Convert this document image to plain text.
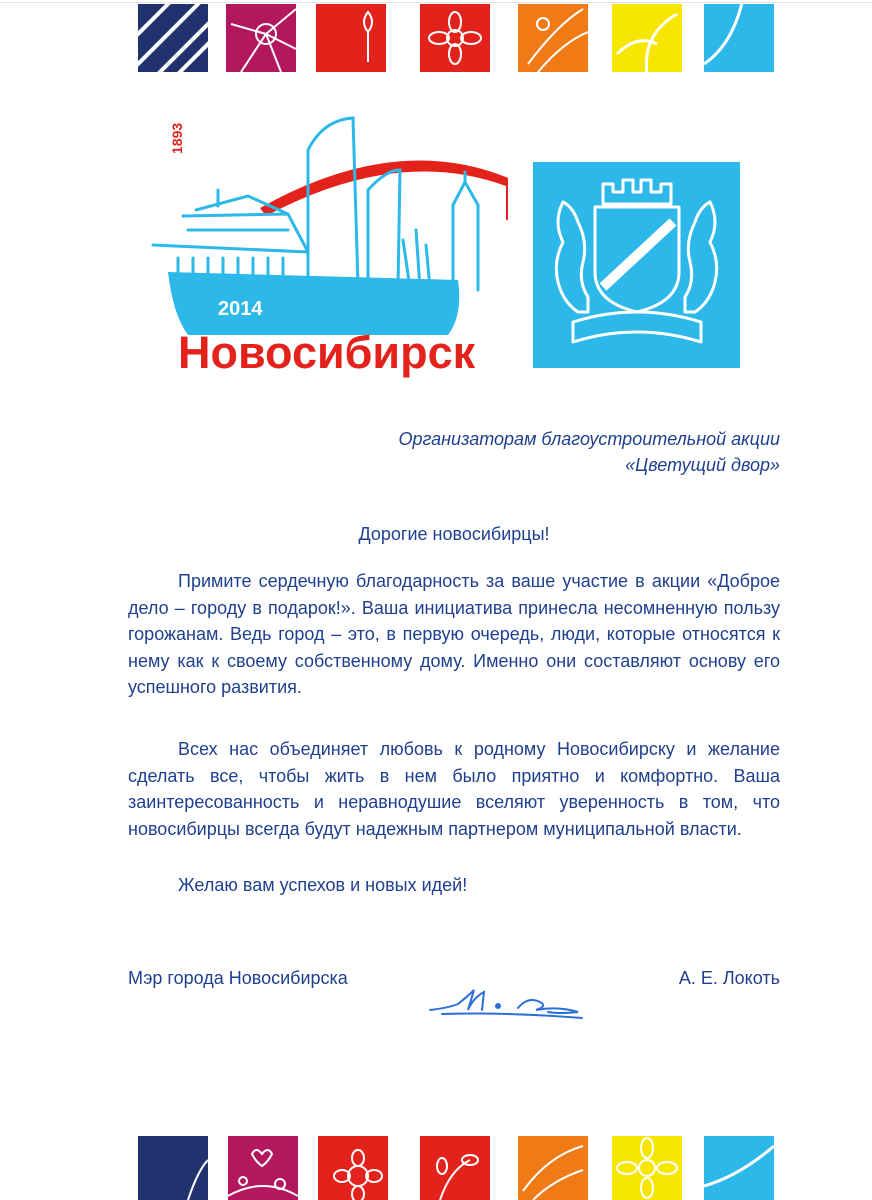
1893
2014
Новосибирск
Организаторам благоустроительной акции
«Цветущий двор»
Дорогие новосибирцы!

Примите сердечную благодарность за ваше участие в акции «Доброе дело – городу в подарок!». Ваша инициатива принесла несомненную пользу горожанам. Ведь город – это, в первую очередь, люди, которые относятся к нему как к своему собственному дому. Именно они составляют основу его успешного развития.

Всех нас объединяет любовь к родному Новосибирску и желание сделать все, чтобы жить в нем было приятно и комфортно. Ваша заинтересованность и неравнодушие вселяют уверенность в том, что новосибирцы всегда будут надежным партнером муниципальной власти.

Желаю вам успехов и новых идей!

Мэр города Новосибирска	А. Е. Локоть
